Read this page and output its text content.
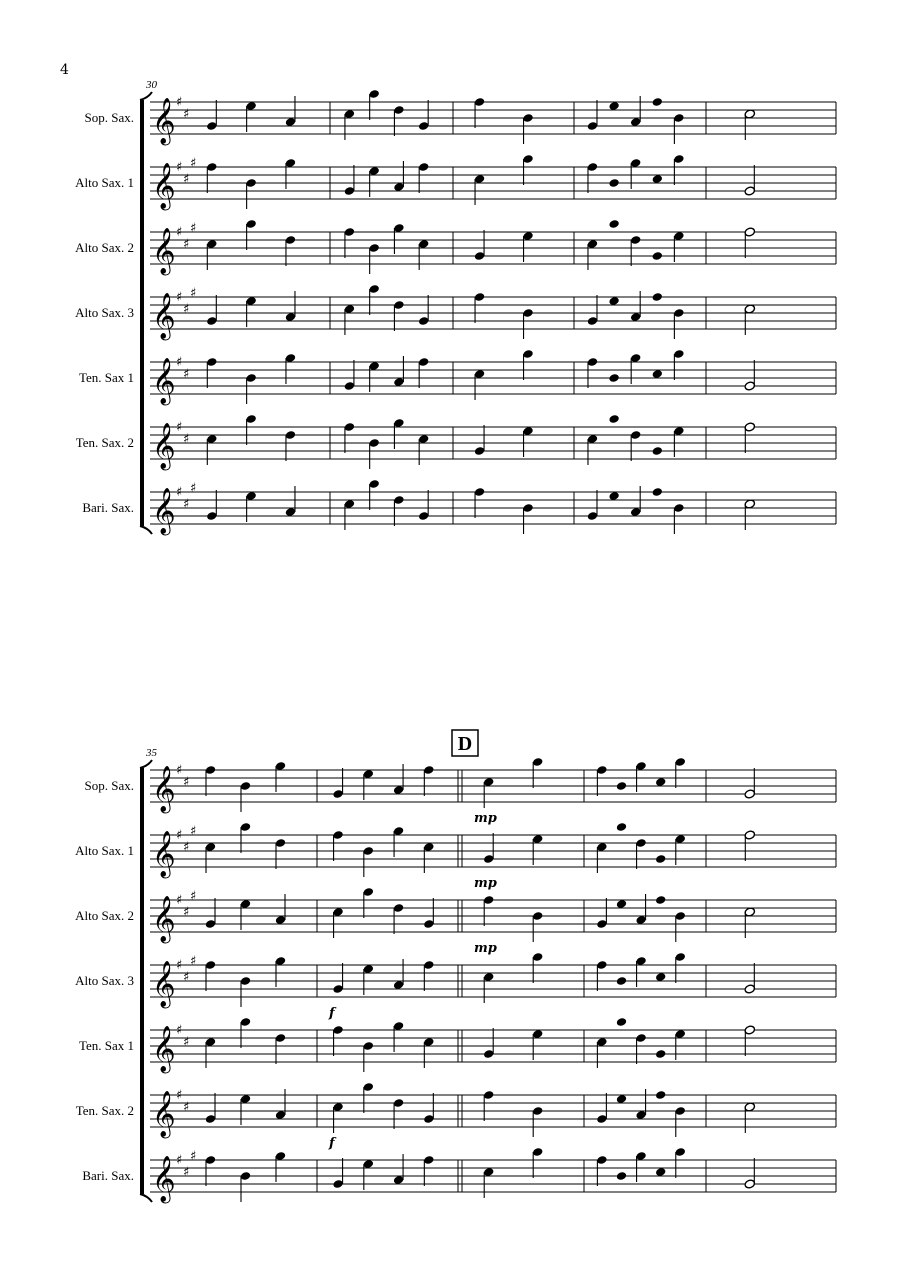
4
30
Sop. Sax. 𝄞 ♯
♯
Alto Sax. 1 𝄞 ♯
♯
♯
Alto Sax. 2 𝄞 ♯
♯
♯
Alto Sax. 3 𝄞 ♯
♯
♯
Ten. Sax 1 𝄞 ♯
♯
Ten. Sax. 2 𝄞 ♯
♯
Bari. Sax. 𝄞 ♯
♯
♯
35	D
Sop. Sax. 𝄞 ♯
♯
Alto Sax. 1 𝄞 ♯
♯
♯
Alto Sax. 2 𝄞 ♯
♯
♯
Alto Sax. 3 𝄞 ♯
♯
♯
Ten. Sax 1 𝄞 ♯
♯
Ten. Sax. 2 𝄞 ♯
♯
Bari. Sax. 𝄞 ♯
♯
♯
mp
mp
mp
f
f
